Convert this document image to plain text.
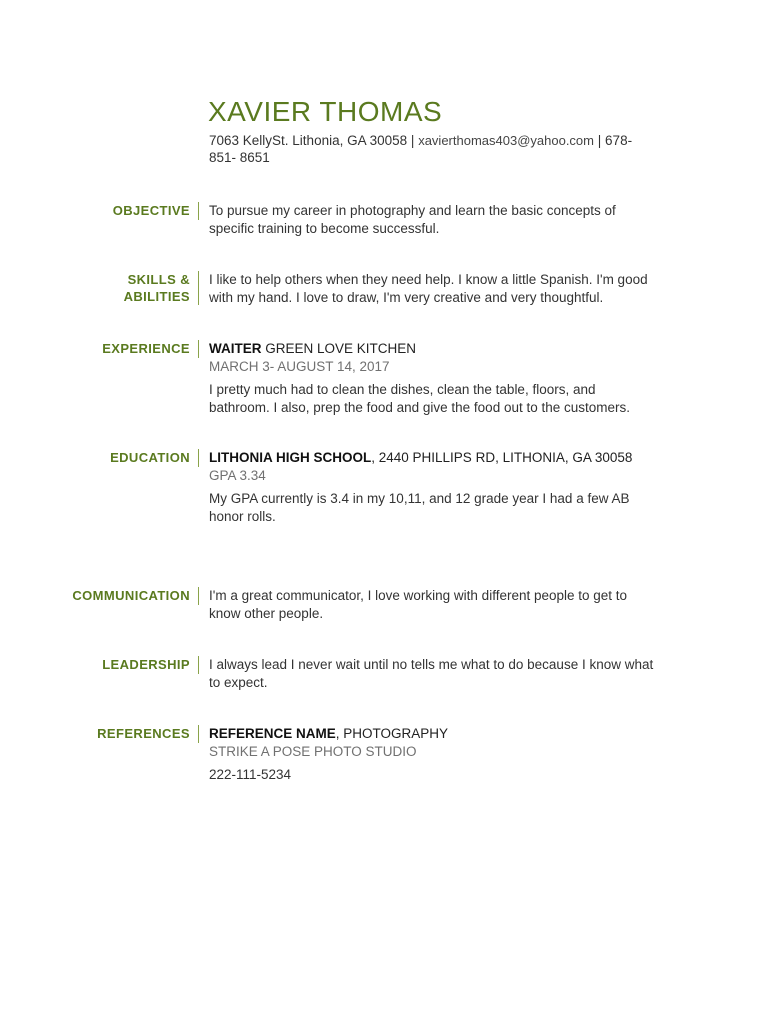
XAVIER THOMAS
7063 KellySt. Lithonia, GA 30058 | xavierthomas403@yahoo.com | 678-851- 8651
OBJECTIVE To pursue my career in photography and learn the basic concepts of specific training to become successful.
SKILLS &
ABILITIES
I like to help others when they need help. I know a little Spanish. I'm good with my hand. I love to draw, I'm very creative and very thoughtful.
EXPERIENCE WAITER GREEN LOVE KITCHEN
MARCH 3- AUGUST 14, 2017
I pretty much had to clean the dishes, clean the table, floors, and bathroom. I also, prep the food and give the food out to the customers.
EDUCATION LITHONIA HIGH SCHOOL, 2440 PHILLIPS RD, LITHONIA, GA 30058
GPA 3.34
My GPA currently is 3.4 in my 10,11, and 12 grade year I had a few AB honor rolls.
COMMUNICATION I'm a great communicator, I love working with different people to get to know other people.
LEADERSHIP I always lead I never wait until no tells me what to do because I know what to expect.
REFERENCES REFERENCE NAME, PHOTOGRAPHY
STRIKE A POSE PHOTO STUDIO
222-111-5234
